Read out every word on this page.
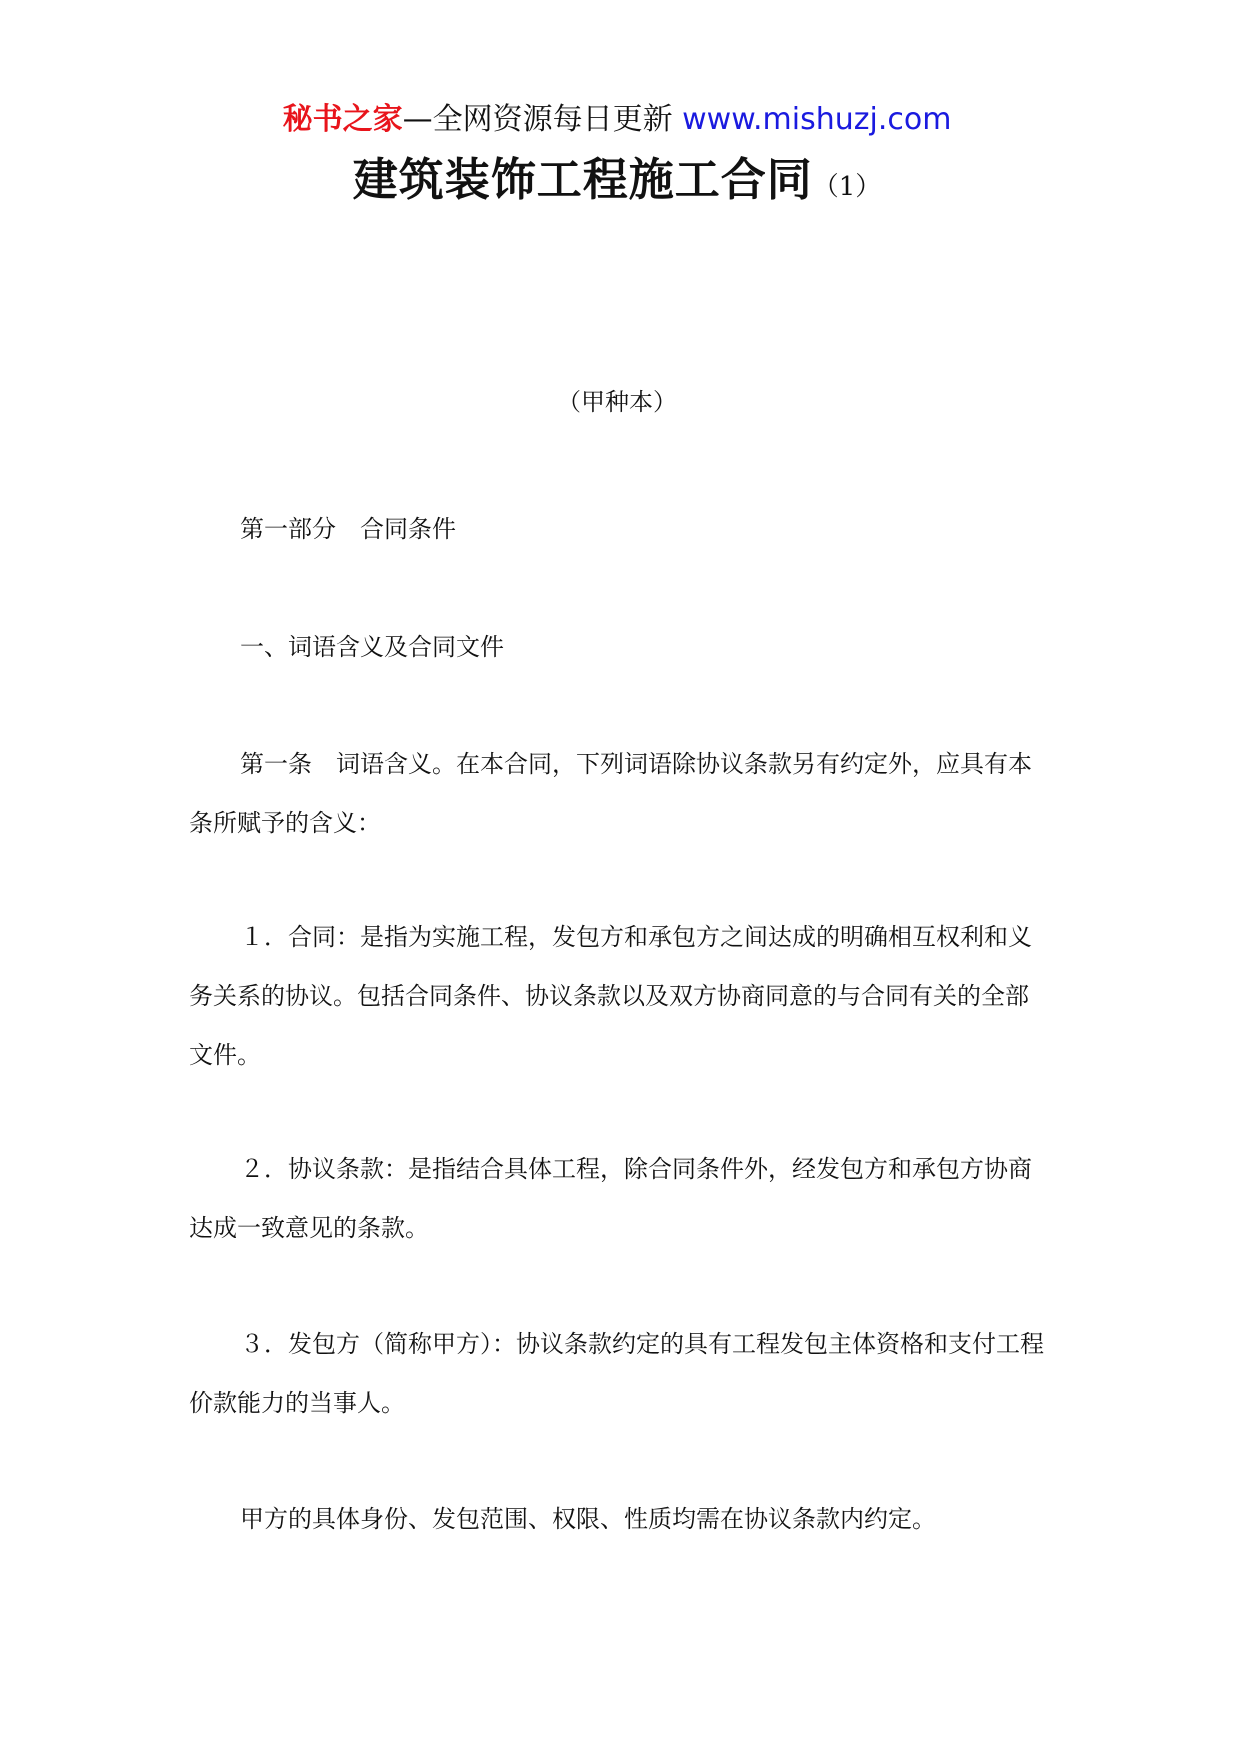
秘书之家—全网资源每日更新 www.mishuzj.com
建筑装饰工程施工合同（1）
（甲种本）

第一部分　合同条件

一、词语含义及合同文件

第一条　词语含义。在本合同，下列词语除协议条款另有约定外，应具有本条所赋予的含义：

１．合同：是指为实施工程，发包方和承包方之间达成的明确相互权利和义务关系的协议。包括合同条件、协议条款以及双方协商同意的与合同有关的全部文件。

２．协议条款：是指结合具体工程，除合同条件外，经发包方和承包方协商达成一致意见的条款。

３．发包方（简称甲方）：协议条款约定的具有工程发包主体资格和支付工程价款能力的当事人。

甲方的具体身份、发包范围、权限、性质均需在协议条款内约定。
